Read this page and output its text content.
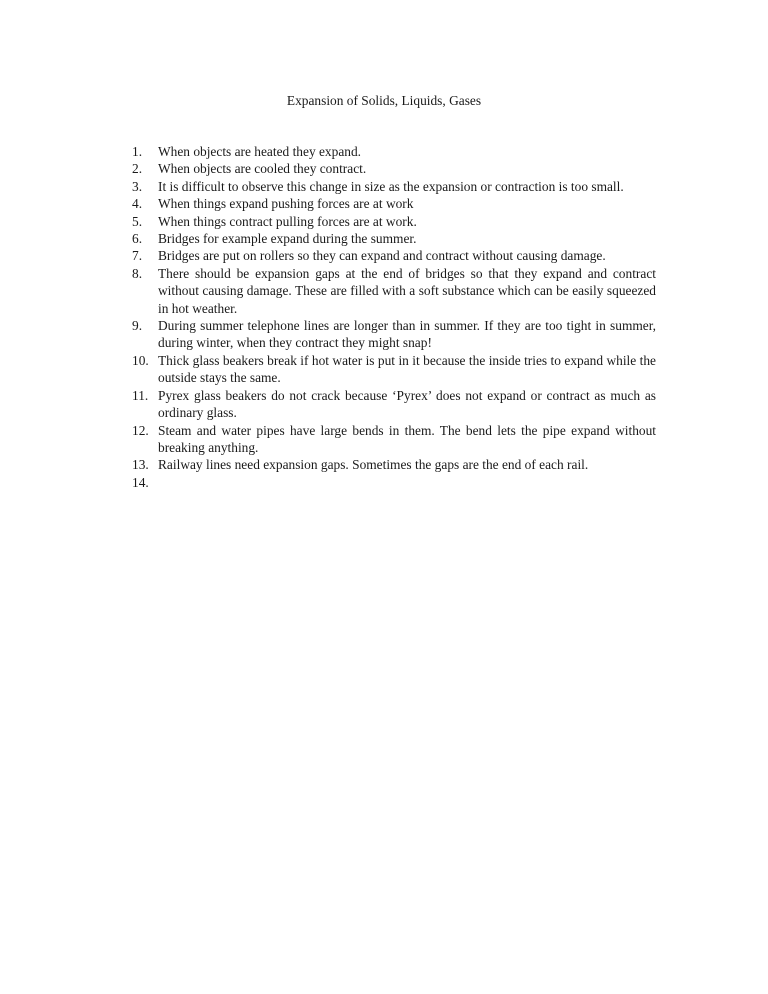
Expansion of Solids, Liquids, Gases
1.	When objects are heated they expand.
2.	When objects are cooled they contract.
3.	It is difficult to observe this change in size as the expansion or contraction is too small.
4.	When things expand pushing forces are at work
5.	When things contract pulling forces are at work.
6.	Bridges for example expand during the summer.
7.	Bridges are put on rollers so they can expand and contract without causing damage.
8.	There should be expansion gaps at the end of bridges so that they expand and contract without causing damage. These are filled with a soft substance which can be easily squeezed in hot weather.
9.	During summer telephone lines are longer than in summer. If they are too tight in summer, during winter, when they contract they might snap!
10. Thick glass beakers break if hot water is put in it because the inside tries to expand while the outside stays the same.
11. Pyrex glass beakers do not crack because ‘Pyrex’ does not expand or contract as much as ordinary glass.
12. Steam and water pipes have large bends in them. The bend lets the pipe expand without breaking anything.
13. Railway lines need expansion gaps. Sometimes the gaps are the end of each rail.
14.
